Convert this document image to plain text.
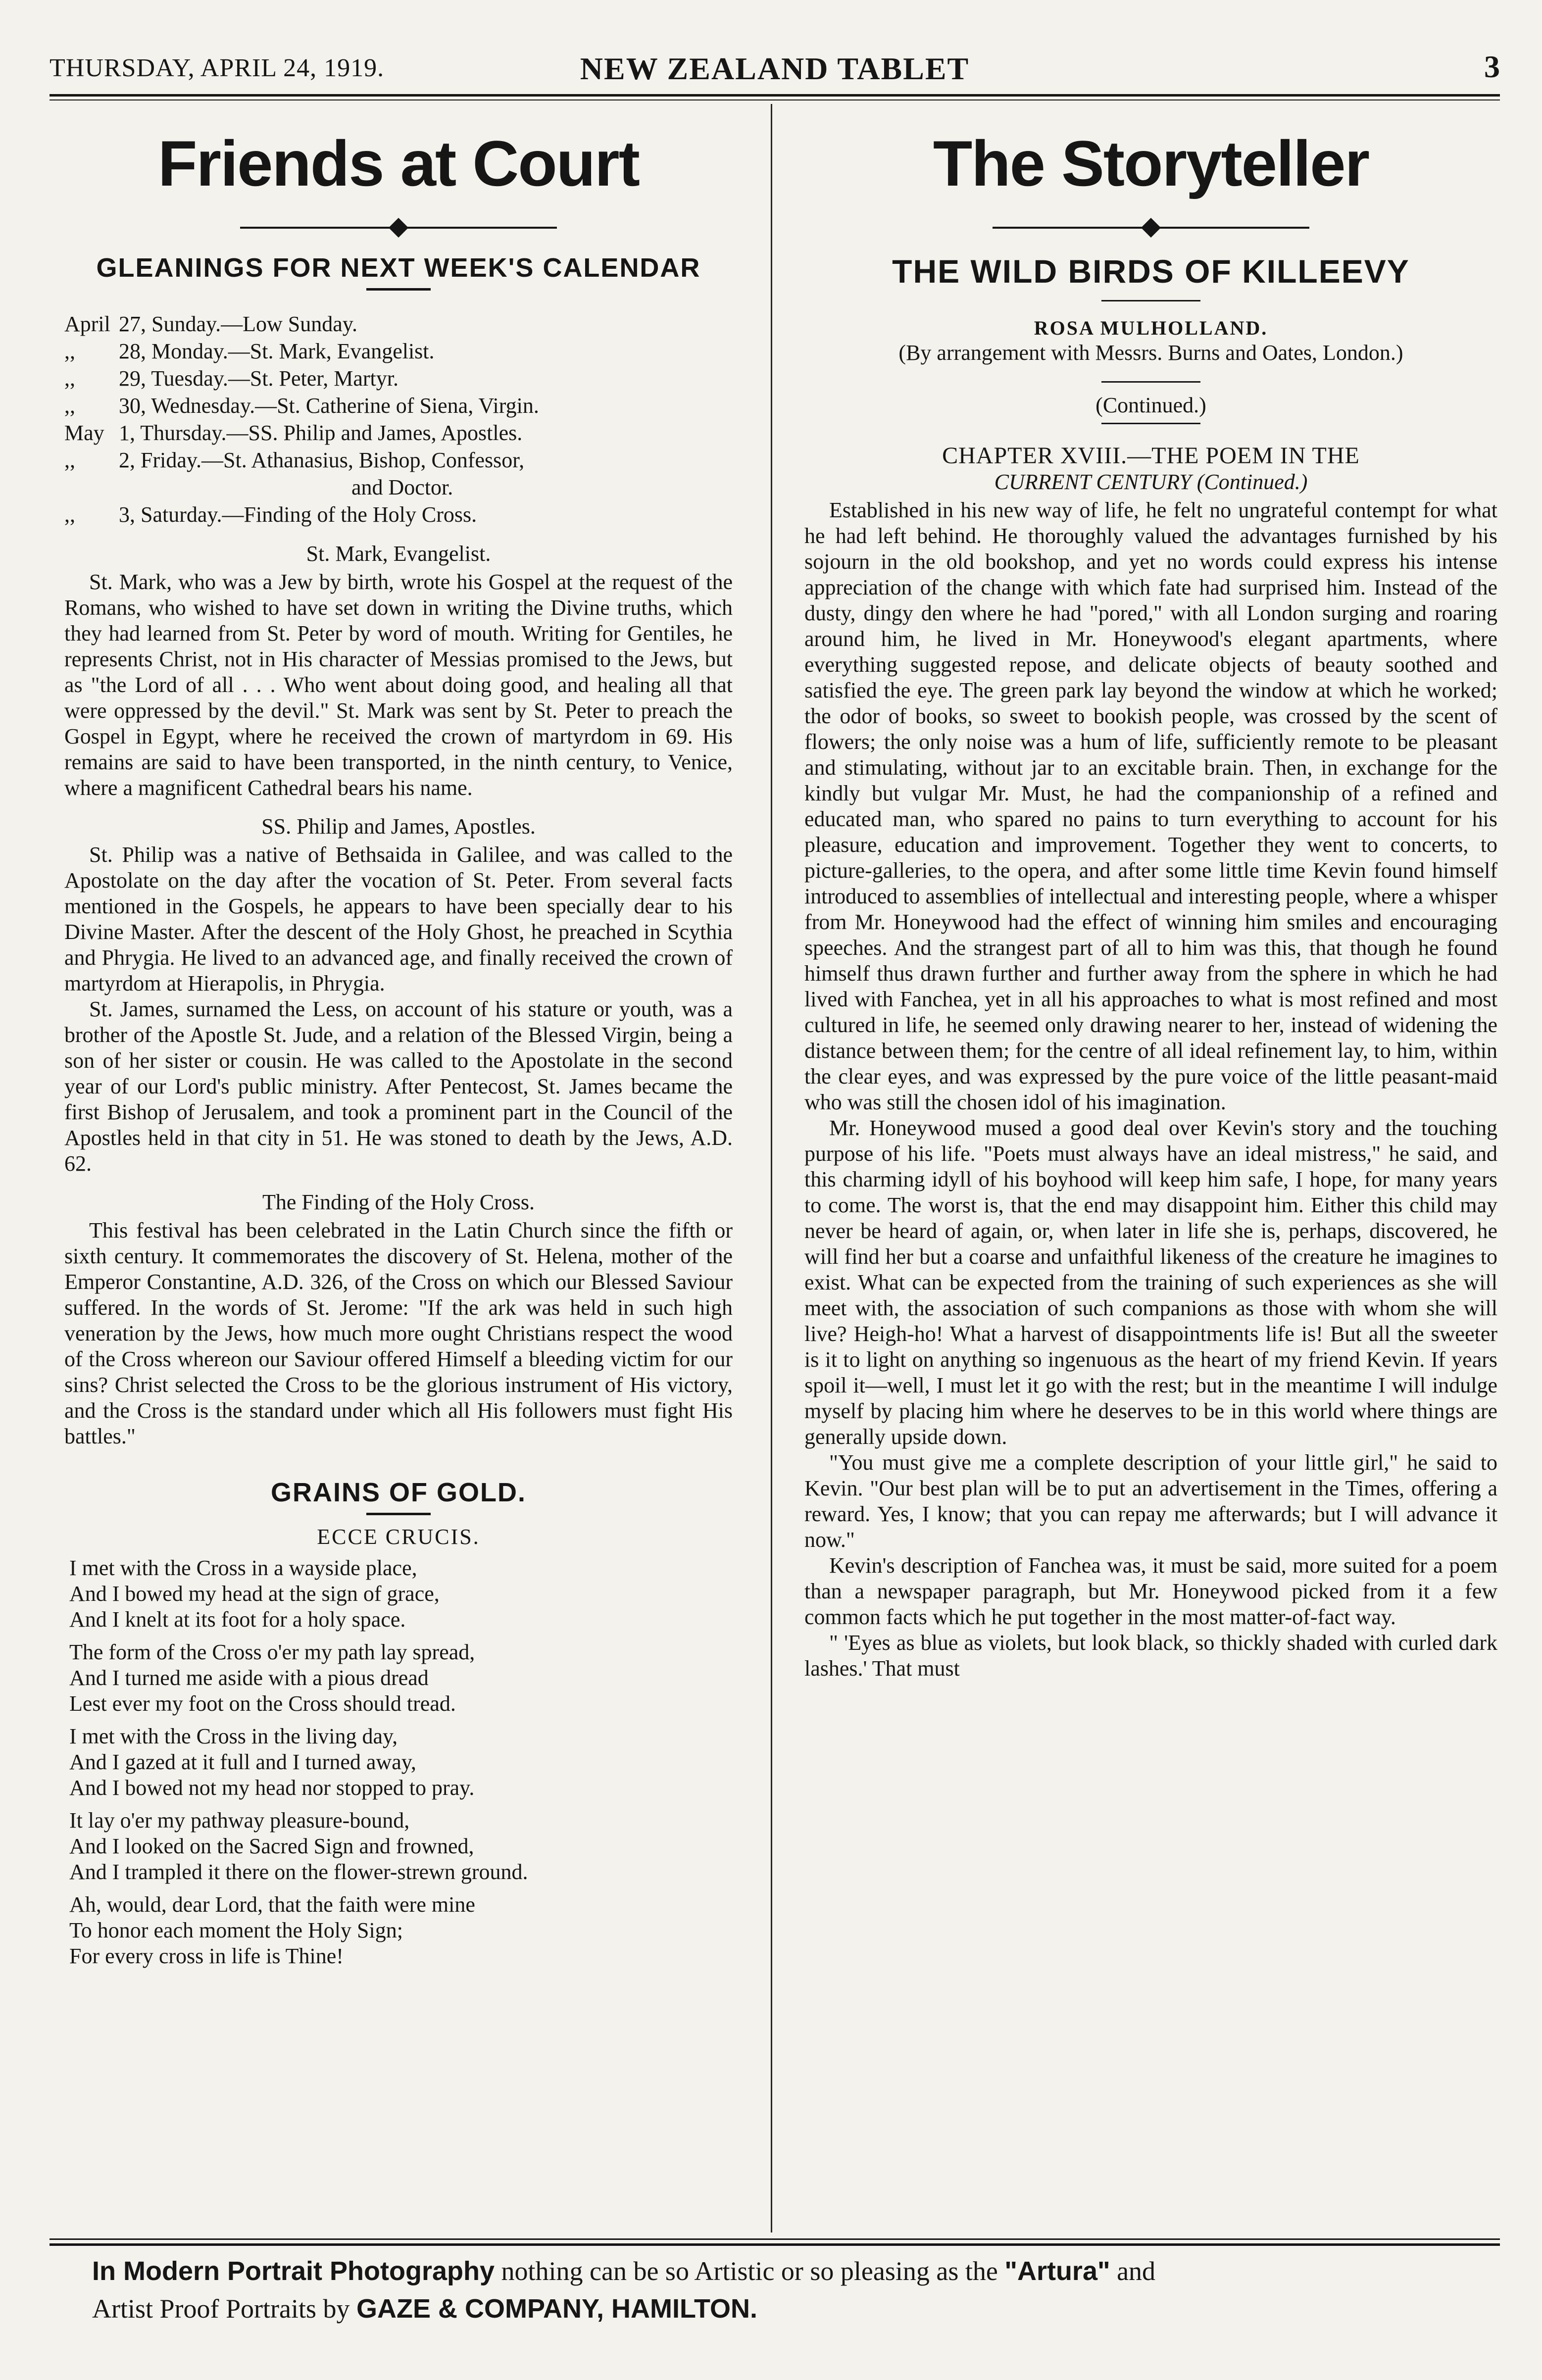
THURSDAY, APRIL 24, 1919.	NEW ZEALAND TABLET	3
Friends at Court
GLEANINGS FOR NEXT WEEK'S CALENDAR
April 27, Sunday.—Low Sunday.
,,	28, Monday.—St. Mark, Evangelist.
,,	29, Tuesday.—St. Peter, Martyr.
,,	30, Wednesday.—St. Catherine of Siena, Virgin.
May 1, Thursday.—SS. Philip and James, Apostles.
,,	2, Friday.—St. Athanasius, Bishop, Confessor,
and Doctor.
,,	3, Saturday.—Finding of the Holy Cross.
St. Mark, Evangelist.

St. Mark, who was a Jew by birth, wrote his Gospel at the request of the Romans, who wished to have set down in writing the Divine truths, which they had learned from St. Peter by word of mouth. Writing for Gentiles, he represents Christ, not in His character of Messias promised to the Jews, but as "the Lord of all . . . Who went about doing good, and healing all that were oppressed by the devil." St. Mark was sent by St. Peter to preach the Gospel in Egypt, where he received the crown of martyrdom in 69. His remains are said to have been transported, in the ninth century, to Venice, where a magnificent Cathedral bears his name.

SS. Philip and James, Apostles.

St. Philip was a native of Bethsaida in Galilee, and was called to the Apostolate on the day after the vocation of St. Peter. From several facts mentioned in the Gospels, he appears to have been specially dear to his Divine Master. After the descent of the Holy Ghost, he preached in Scythia and Phrygia. He lived to an advanced age, and finally received the crown of martyrdom at Hierapolis, in Phrygia.

St. James, surnamed the Less, on account of his stature or youth, was a brother of the Apostle St. Jude, and a relation of the Blessed Virgin, being a son of her sister or cousin. He was called to the Apostolate in the second year of our Lord's public ministry. After Pentecost, St. James became the first Bishop of Jerusalem, and took a prominent part in the Council of the Apostles held in that city in 51. He was stoned to death by the Jews, A.D. 62.

The Finding of the Holy Cross.

This festival has been celebrated in the Latin Church since the fifth or sixth century. It commemorates the discovery of St. Helena, mother of the Emperor Constantine, A.D. 326, of the Cross on which our Blessed Saviour suffered. In the words of St. Jerome: "If the ark was held in such high veneration by the Jews, how much more ought Christians respect the wood of the Cross whereon our Saviour offered Himself a bleeding victim for our sins? Christ selected the Cross to be the glorious instrument of His victory, and the Cross is the standard under which all His followers must fight His battles."

GRAINS OF GOLD.
ECCE CRUCIS.
I met with the Cross in a wayside place,
And I bowed my head at the sign of grace,
And I knelt at its foot for a holy space.
The form of the Cross o'er my path lay spread,
And I turned me aside with a pious dread
Lest ever my foot on the Cross should tread.
I met with the Cross in the living day,
And I gazed at it full and I turned away,
And I bowed not my head nor stopped to pray.
It lay o'er my pathway pleasure-bound,
And I looked on the Sacred Sign and frowned,
And I trampled it there on the flower-strewn ground.
Ah, would, dear Lord, that the faith were mine
To honor each moment the Holy Sign;
For every cross in life is Thine!
The Storyteller
THE WILD BIRDS OF KILLEEVY
ROSA MULHOLLAND.
(By arrangement with Messrs. Burns and Oates, London.)
(Continued.)
CHAPTER XVIII.—THE POEM IN THE
CURRENT CENTURY (Continued.)

Established in his new way of life, he felt no ungrateful contempt for what he had left behind. He thoroughly valued the advantages furnished by his sojourn in the old bookshop, and yet no words could express his intense appreciation of the change with which fate had surprised him. Instead of the dusty, dingy den where he had "pored," with all London surging and roaring around him, he lived in Mr. Honeywood's elegant apartments, where everything suggested repose, and delicate objects of beauty soothed and satisfied the eye. The green park lay beyond the window at which he worked; the odor of books, so sweet to bookish people, was crossed by the scent of flowers; the only noise was a hum of life, sufficiently remote to be pleasant and stimulating, without jar to an excitable brain. Then, in exchange for the kindly but vulgar Mr. Must, he had the companionship of a refined and educated man, who spared no pains to turn everything to account for his pleasure, education and improvement. Together they went to concerts, to picture-galleries, to the opera, and after some little time Kevin found himself introduced to assemblies of intellectual and interesting people, where a whisper from Mr. Honeywood had the effect of winning him smiles and encouraging speeches. And the strangest part of all to him was this, that though he found himself thus drawn further and further away from the sphere in which he had lived with Fanchea, yet in all his approaches to what is most refined and most cultured in life, he seemed only drawing nearer to her, instead of widening the distance between them; for the centre of all ideal refinement lay, to him, within the clear eyes, and was expressed by the pure voice of the little peasant-maid who was still the chosen idol of his imagination.

Mr. Honeywood mused a good deal over Kevin's story and the touching purpose of his life. "Poets must always have an ideal mistress," he said, and this charming idyll of his boyhood will keep him safe, I hope, for many years to come. The worst is, that the end may disappoint him. Either this child may never be heard of again, or, when later in life she is, perhaps, discovered, he will find her but a coarse and unfaithful likeness of the creature he imagines to exist. What can be expected from the training of such experiences as she will meet with, the association of such companions as those with whom she will live? Heigh-ho! What a harvest of disappointments life is! But all the sweeter is it to light on anything so ingenuous as the heart of my friend Kevin. If years spoil it—well, I must let it go with the rest; but in the meantime I will indulge myself by placing him where he deserves to be in this world where things are generally upside down.

"You must give me a complete description of your little girl," he said to Kevin. "Our best plan will be to put an advertisement in the Times, offering a reward. Yes, I know; that you can repay me afterwards; but I will advance it now."

Kevin's description of Fanchea was, it must be said, more suited for a poem than a newspaper paragraph, but Mr. Honeywood picked from it a few common facts which he put together in the most matter-of-fact way.

" 'Eyes as blue as violets, but look black, so thickly shaded with curled dark lashes.' That must

In Modern Portrait Photography nothing can be so Artistic or so pleasing as the "Artura" and
Artist Proof Portraits by GAZE & COMPANY, HAMILTON.
